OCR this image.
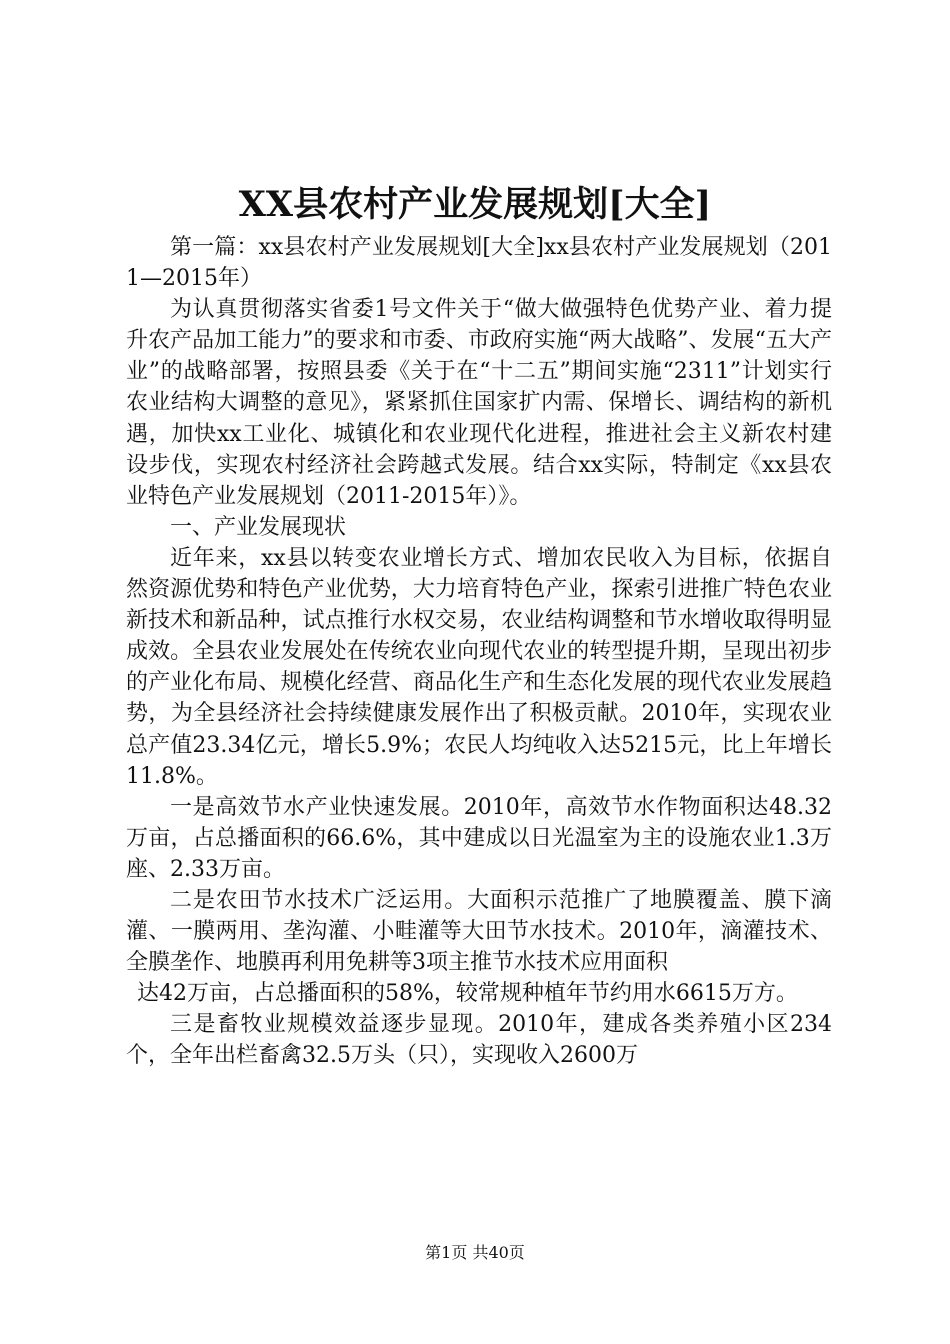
XX县农村产业发展规划[大全]

第一篇：xx县农村产业发展规划[大全]xx县农村产业发展规划（2011—2015年）

为认真贯彻落实省委1号文件关于“做大做强特色优势产业、着力提升农产品加工能力”的要求和市委、市政府实施“两大战略”、发展“五大产业”的战略部署，按照县委《关于在“十二五”期间实施“2311”计划实行农业结构大调整的意见》，紧紧抓住国家扩内需、保增长、调结构的新机遇，加快xx工业化、城镇化和农业现代化进程，推进社会主义新农村建设步伐，实现农村经济社会跨越式发展。结合xx实际，特制定《xx县农业特色产业发展规划（2011-2015年）》。

一、产业发展现状

近年来，xx县以转变农业增长方式、增加农民收入为目标，依据自然资源优势和特色产业优势，大力培育特色产业，探索引进推广特色农业新技术和新品种，试点推行水权交易，农业结构调整和节水增收取得明显成效。全县农业发展处在传统农业向现代农业的转型提升期，呈现出初步的产业化布局、规模化经营、商品化生产和生态化发展的现代农业发展趋势，为全县经济社会持续健康发展作出了积极贡献。2010年，实现农业总产值23.34亿元，增长5.9%；农民人均纯收入达5215元，比上年增长11.8%。

一是高效节水产业快速发展。2010年，高效节水作物面积达48.32万亩，占总播面积的66.6%，其中建成以日光温室为主的设施农业1.3万座、2.33万亩。

二是农田节水技术广泛运用。大面积示范推广了地膜覆盖、膜下滴灌、一膜两用、垄沟灌、小畦灌等大田节水技术。2010年，滴灌技术、全膜垄作、地膜再利用免耕等3项主推节水技术应用面积

达42万亩，占总播面积的58%，较常规种植年节约用水6615万方。

三是畜牧业规模效益逐步显现。2010年，建成各类养殖小区234个，全年出栏畜禽32.5万头（只），实现收入2600万

第1页 共40页
